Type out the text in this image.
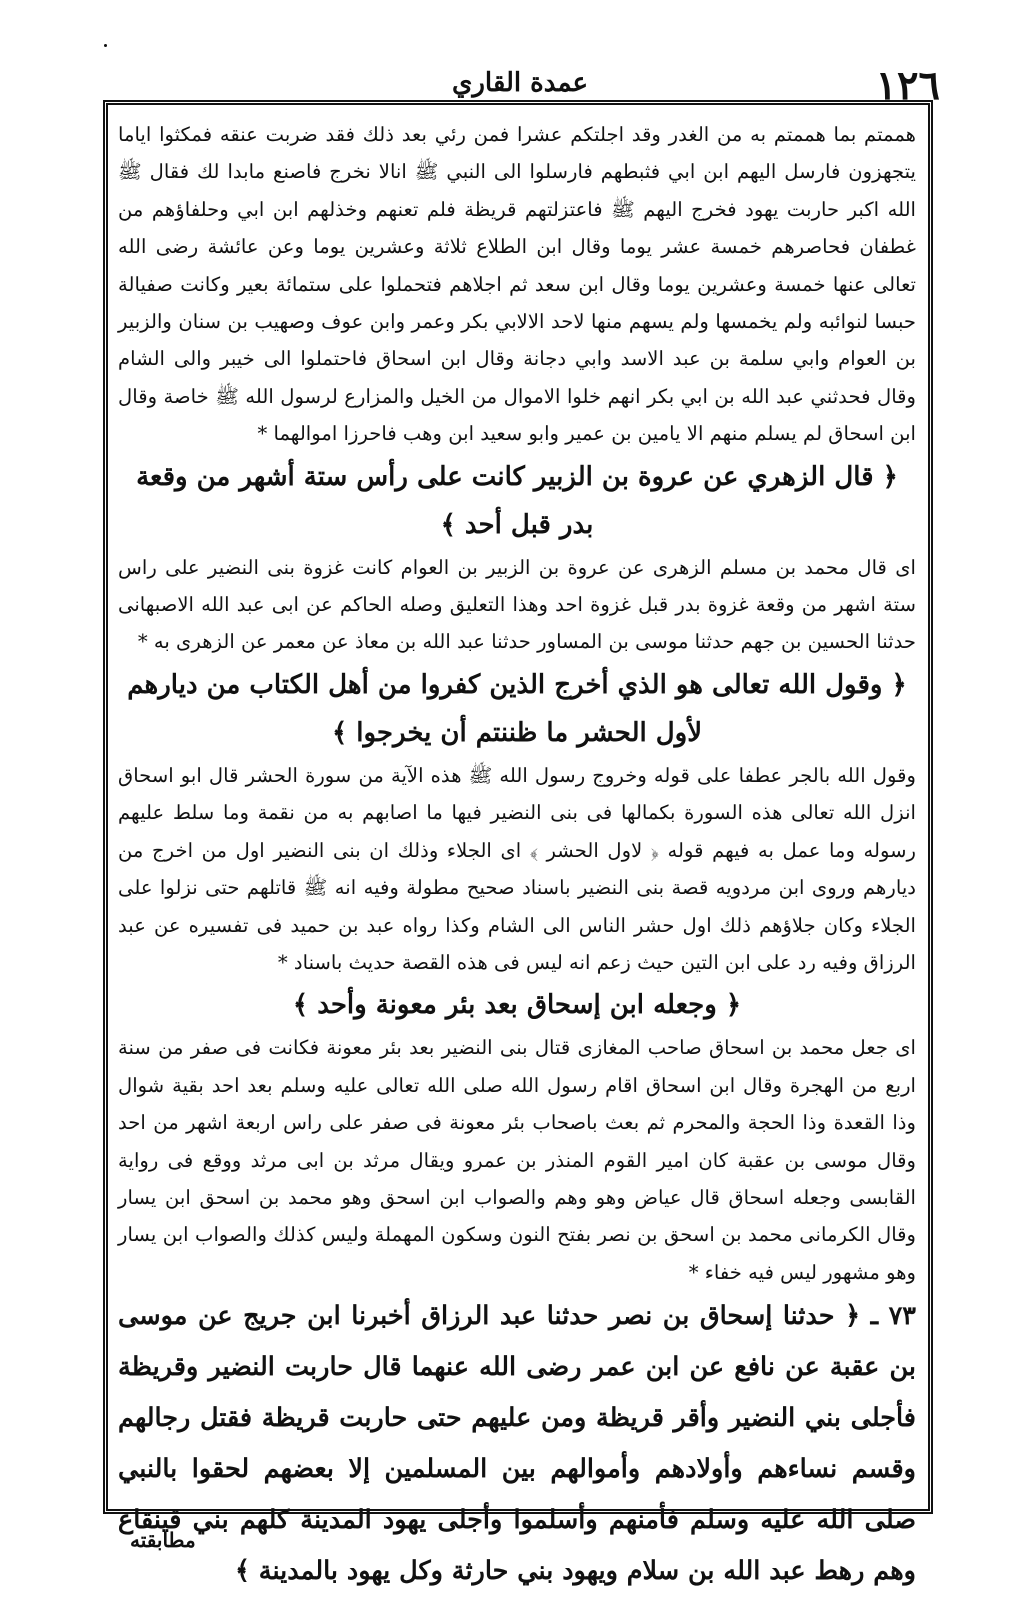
عمدة القاري	١٢٦

هممتم بما هممتم به من الغدر وقد اجلتكم عشرا فمن رئي بعد ذلك فقد ضربت عنقه فمكثوا اياما يتجهزون فارسل اليهم ابن ابي فثبطهم فارسلوا الى النبي ﷺ انالا نخرج فاصنع مابدا لك فقال ﷺ الله اكبر حاربت يهود فخرج اليهم ﷺ فاعتزلتهم قريظة فلم تعنهم وخذلهم ابن ابي وحلفاؤهم من غطفان فحاصرهم خمسة عشر يوما وقال ابن الطلاع ثلاثة وعشرين يوما وعن عائشة رضى الله تعالى عنها خمسة وعشرين يوما وقال ابن سعد ثم اجلاهم فتحملوا على ستمائة بعير وكانت صفيالة حبسا لنوائبه ولم يخمسها ولم يسهم منها لاحد الالابي بكر وعمر وابن عوف وصهيب بن سنان والزبير بن العوام وابي سلمة بن عبد الاسد وابي دجانة وقال ابن اسحاق فاحتملوا الى خيبر والى الشام وقال فحدثني عبد الله بن ابي بكر انهم خلوا الاموال من الخيل والمزارع لرسول الله ﷺ خاصة وقال ابن اسحاق لم يسلم منهم الا يامين بن عمير وابو سعيد ابن وهب فاحرزا اموالهما *

﴿ قال الزهري عن عروة بن الزبير كانت على رأس ستة أشهر من وقعة بدر قبل أحد ﴾

اى قال محمد بن مسلم الزهرى عن عروة بن الزبير بن العوام كانت غزوة بنى النضير على راس ستة اشهر من وقعة غزوة بدر قبل غزوة احد وهذا التعليق وصله الحاكم عن ابى عبد الله الاصبهانى حدثنا الحسين بن جهم حدثنا موسى بن المساور حدثنا عبد الله بن معاذ عن معمر عن الزهرى به *

﴿ وقول الله تعالى هو الذي أخرج الذين كفروا من أهل الكتاب من ديارهم لأول الحشر ما ظننتم أن يخرجوا ﴾

وقول الله بالجر عطفا على قوله وخروج رسول الله ﷺ هذه الآية من سورة الحشر قال ابو اسحاق انزل الله تعالى هذه السورة بكمالها فى بنى النضير فيها ما اصابهم به من نقمة وما سلط عليهم رسوله وما عمل به فيهم قوله ﴿ لاول الحشر ﴾ اى الجلاء وذلك ان بنى النضير اول من اخرج من ديارهم وروى ابن مردويه قصة بنى النضير باسناد صحيح مطولة وفيه انه ﷺ قاتلهم حتى نزلوا على الجلاء وكان جلاؤهم ذلك اول حشر الناس الى الشام وكذا رواه عبد بن حميد فى تفسيره عن عبد الرزاق وفيه رد على ابن التين حيث زعم انه ليس فى هذه القصة حديث باسناد *

﴿ وجعله ابن إسحاق بعد بئر معونة وأحد ﴾

اى جعل محمد بن اسحاق صاحب المغازى قتال بنى النضير بعد بئر معونة فكانت فى صفر من سنة اربع من الهجرة وقال ابن اسحاق اقام رسول الله صلى الله تعالى عليه وسلم بعد احد بقية شوال وذا القعدة وذا الحجة والمحرم ثم بعث باصحاب بئر معونة فى صفر على راس اربعة اشهر من احد وقال موسى بن عقبة كان امير القوم المنذر بن عمرو ويقال مرثد بن ابى مرثد ووقع فى رواية القابسى وجعله اسحاق قال عياض وهو وهم والصواب ابن اسحق وهو محمد بن اسحق ابن يسار وقال الكرمانى محمد بن اسحق بن نصر بفتح النون وسكون المهملة وليس كذلك والصواب ابن يسار وهو مشهور ليس فيه خفاء *

٧٣ ـ ﴿ حدثنا إسحاق بن نصر حدثنا عبد الرزاق أخبرنا ابن جريج عن موسى بن عقبة عن نافع عن ابن عمر رضى الله عنهما قال حاربت النضير وقريظة فأجلى بني النضير وأقر قريظة ومن عليهم حتى حاربت قريظة فقتل رجالهم وقسم نساءهم وأولادهم وأموالهم بين المسلمين إلا بعضهم لحقوا بالنبي صلى الله عليه وسلم فأمنهم وأسلموا وأجلى يهود المدينة كلهم بني قينقاع وهم رهط عبد الله بن سلام ويهود بني حارثة وكل يهود بالمدينة ﴾

مطابقته
